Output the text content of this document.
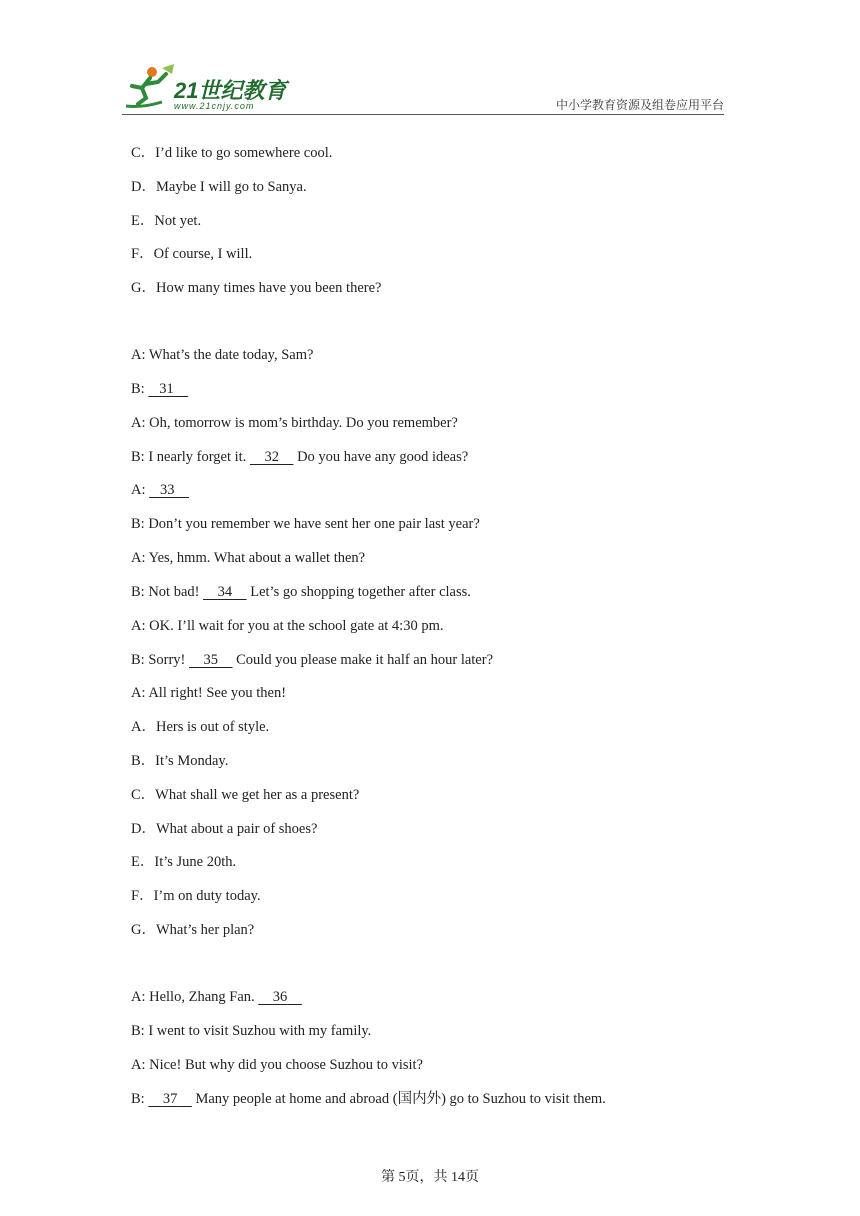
21世纪教育
www.21cnjy.com	中小学教育资源及组卷应用平台
C．I’d like to go somewhere cool.
D．Maybe I will go to Sanya.
E．Not yet.
F．Of course, I will.
G．How many times have you been there?
A: What’s the date today, Sam?
B:    31
A: Oh, tomorrow is mom’s birthday. Do you remember?
B: I nearly forget it.     32     Do you have any good ideas?
A:    33
B: Don’t you remember we have sent her one pair last year?
A: Yes, hmm. What about a wallet then?
B: Not bad!     34     Let’s go shopping together after class.
A: OK. I’ll wait for you at the school gate at 4:30 pm.
B: Sorry!     35     Could you please make it half an hour later?
A: All right! See you then!
A．Hers is out of style.
B．It’s Monday.
C．What shall we get her as a present?
D．What about a pair of shoes?
E．It’s June 20th.
F．I’m on duty today.
G．What’s her plan?
A: Hello, Zhang Fan.     36
B: I went to visit Suzhou with my family.
A: Nice! But why did you choose Suzhou to visit?
B:     37     Many people at home and abroad (国内外) go to Suzhou to visit them.
第 5页，共 14页
